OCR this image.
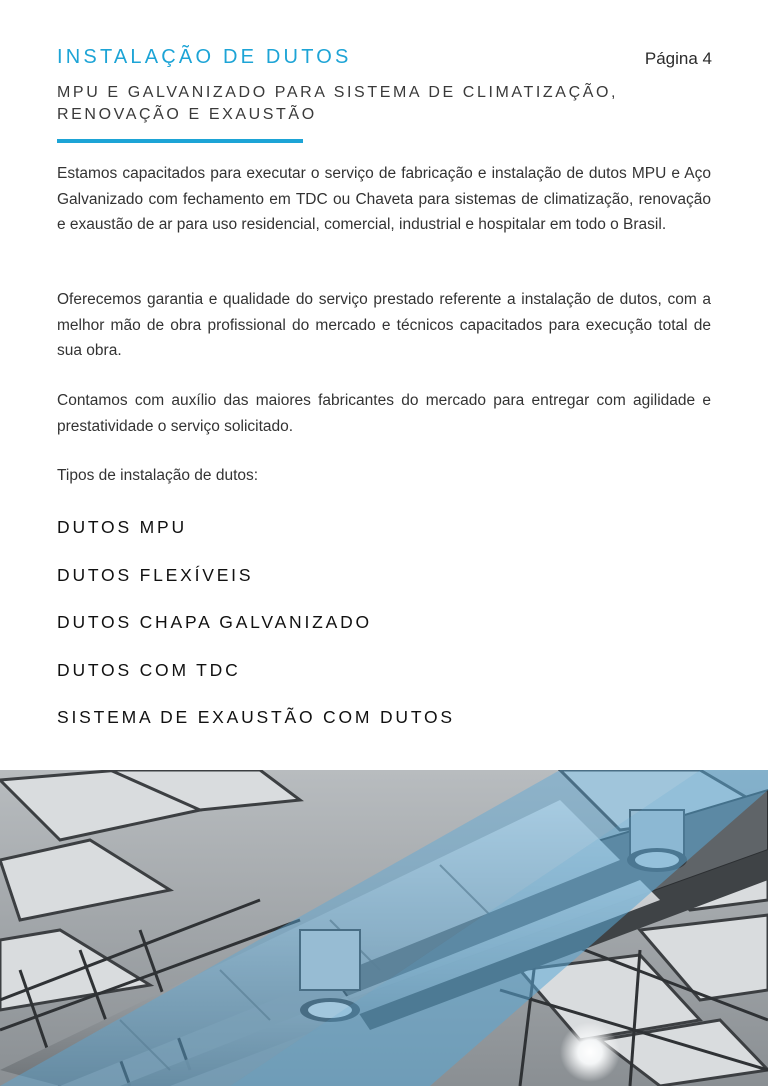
INSTALAÇÃO DE DUTOS	Página 4
MPU E GALVANIZADO PARA SISTEMA DE CLIMATIZAÇÃO, RENOVAÇÃO E EXAUSTÃO

Estamos capacitados para executar o serviço de fabricação e instalação de dutos MPU e Aço Galvanizado com fechamento em TDC ou Chaveta para sistemas de climatização, renovação e exaustão de ar para uso residencial, comercial, industrial e hospitalar em todo o Brasil.

Oferecemos garantia e qualidade do serviço prestado referente a instalação de dutos, com a melhor mão de obra profissional do mercado e técnicos capacitados para execução total de sua obra.

Contamos com auxílio das maiores fabricantes do mercado para entregar com agilidade e prestatividade o serviço solicitado.

Tipos de instalação de dutos:

DUTOS MPU
DUTOS FLEXÍVEIS
DUTOS CHAPA GALVANIZADO
DUTOS COM TDC
SISTEMA DE EXAUSTÃO COM DUTOS
